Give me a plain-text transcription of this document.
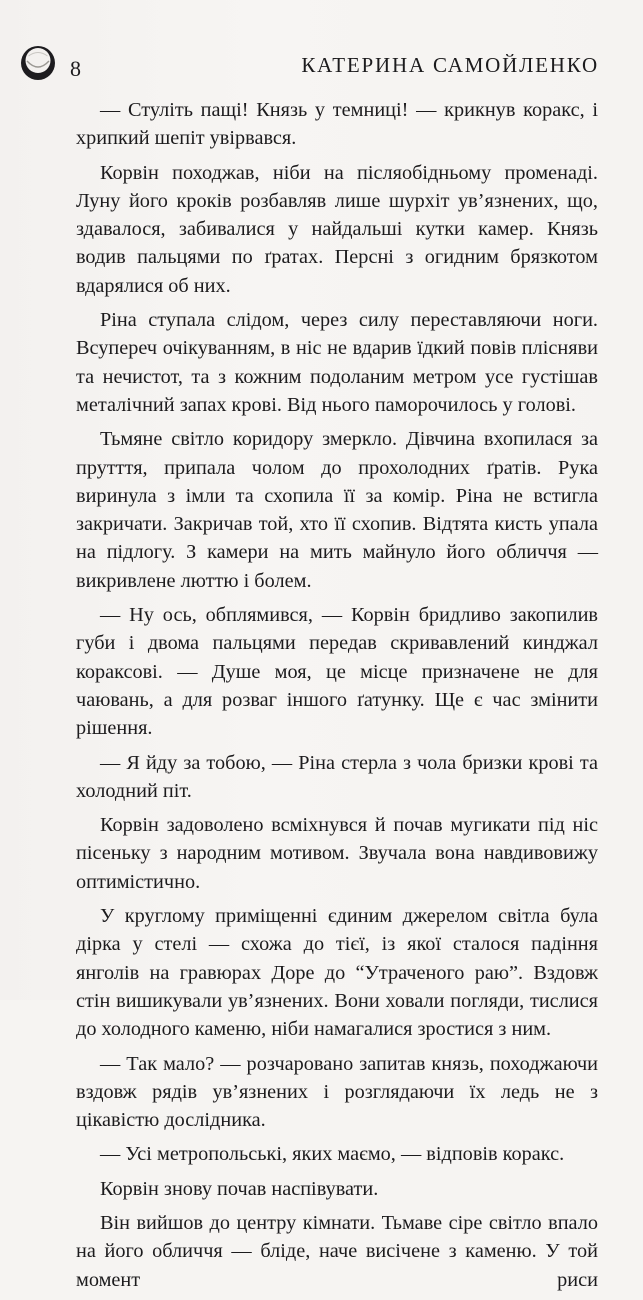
8	КАТЕРИНА САМОЙЛЕНКО

— Стуліть пащі! Князь у темниці! — крикнув коракс, і хрипкий шепіт увірвався.

Корвін походжав, ніби на післяобідньому променаді. Луну його кроків розбавляв лише шурхіт ув’язнених, що, здавалося, забивалися у найдальші кутки камер. Князь водив пальцями по ґратах. Персні з огидним брязкотом вдарялися об них.

Ріна ступала слідом, через силу переставляючи ноги. Всупереч очікуванням, в ніс не вдарив їдкий повів плісняви та нечистот, та з кожним подоланим метром усе густішав металічний запах крові. Від нього паморочилось у голові.

Тьмяне світло коридору змеркло. Дівчина вхопилася за прутття, припала чолом до прохолодних ґратів. Рука виринула з імли та схопила її за комір. Ріна не встигла закричати. Закричав той, хто її схопив. Відтята кисть упала на підлогу. З камери на мить майнуло його обличчя — викривлене люттю і болем.

— Ну ось, обплямився, — Корвін бридливо закопилив губи і двома пальцями передав скривавлений кинджал кораксові. — Душе моя, це місце призначене не для чаювань, а для розваг іншого ґатунку. Ще є час змінити рішення.

— Я йду за тобою, — Ріна стерла з чола бризки крові та холодний піт.

Корвін задоволено всміхнувся й почав мугикати під ніс пісеньку з народним мотивом. Звучала вона навдивовижу оптимістично.

У круглому приміщенні єдиним джерелом світла була дірка у стелі — схожа до тієї, із якої сталося падіння янголів на гравюрах Доре до “Утраченого раю”. Вздовж стін вишикували ув’язнених. Вони ховали погляди, тислися до холодного каменю, ніби намагалися зростися з ним.

— Так мало? — розчаровано запитав князь, походжаючи вздовж рядів ув’язнених і розглядаючи їх ледь не з цікавістю дослідника.

— Усі метропольські, яких маємо, — відповів коракс.

Корвін знову почав наспівувати.

Він вийшов до центру кімнати. Тьмаве сіре світло впало на його обличчя — бліде, наче висічене з каменю. У той момент риси
